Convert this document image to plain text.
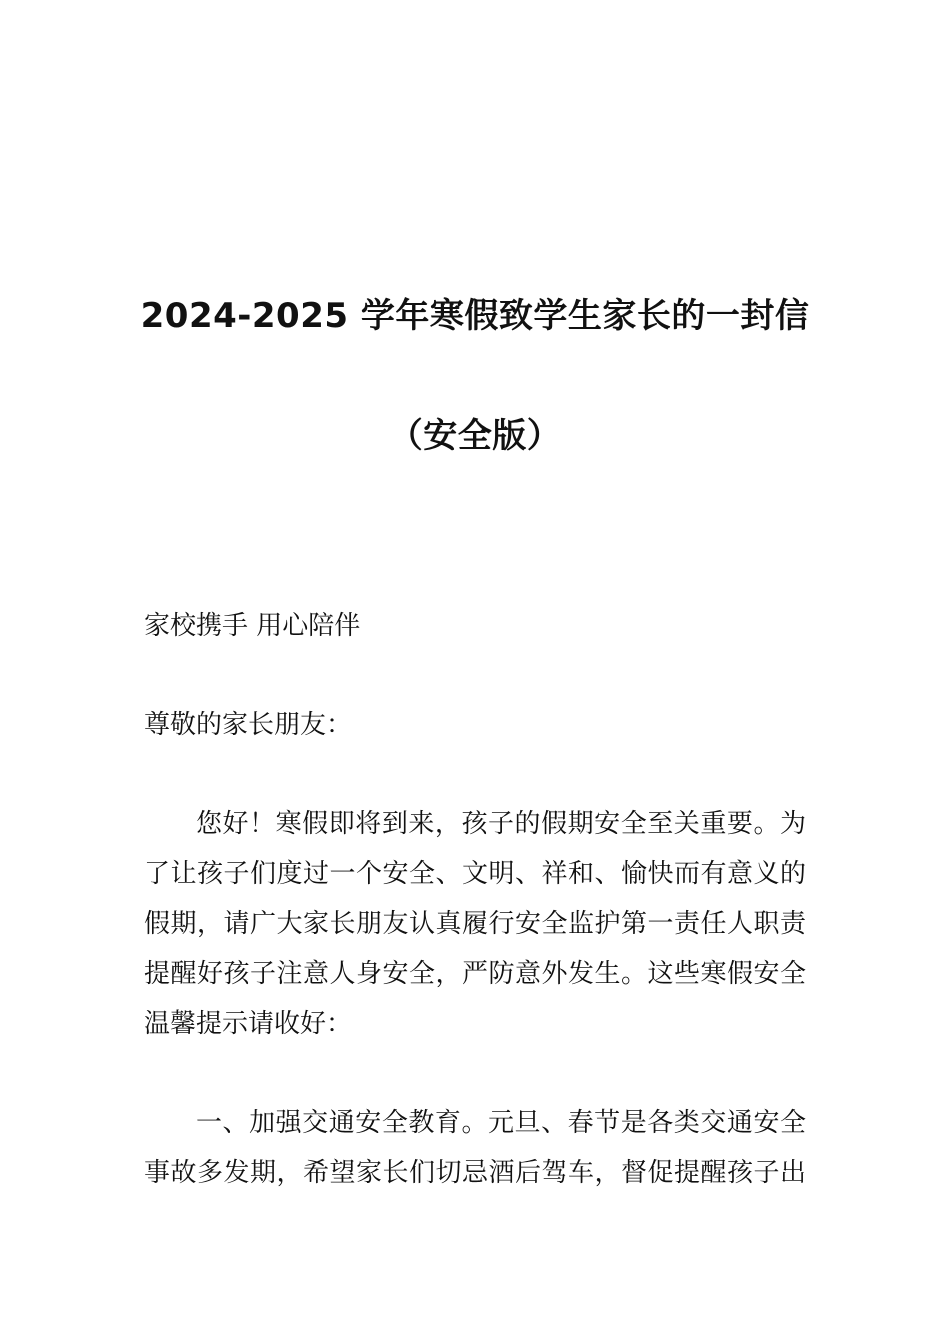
2024-2025 学年寒假致学生家长的一封信
（安全版）
家校携手 用心陪伴
尊敬的家长朋友：
您好！寒假即将到来，孩子的假期安全至关重要。为
了让孩子们度过一个安全、文明、祥和、愉快而有意义的
假期，请广大家长朋友认真履行安全监护第一责任人职责
提醒好孩子注意人身安全，严防意外发生。这些寒假安全
温馨提示请收好：
一、加强交通安全教育。元旦、春节是各类交通安全
事故多发期，希望家长们切忌酒后驾车，督促提醒孩子出
